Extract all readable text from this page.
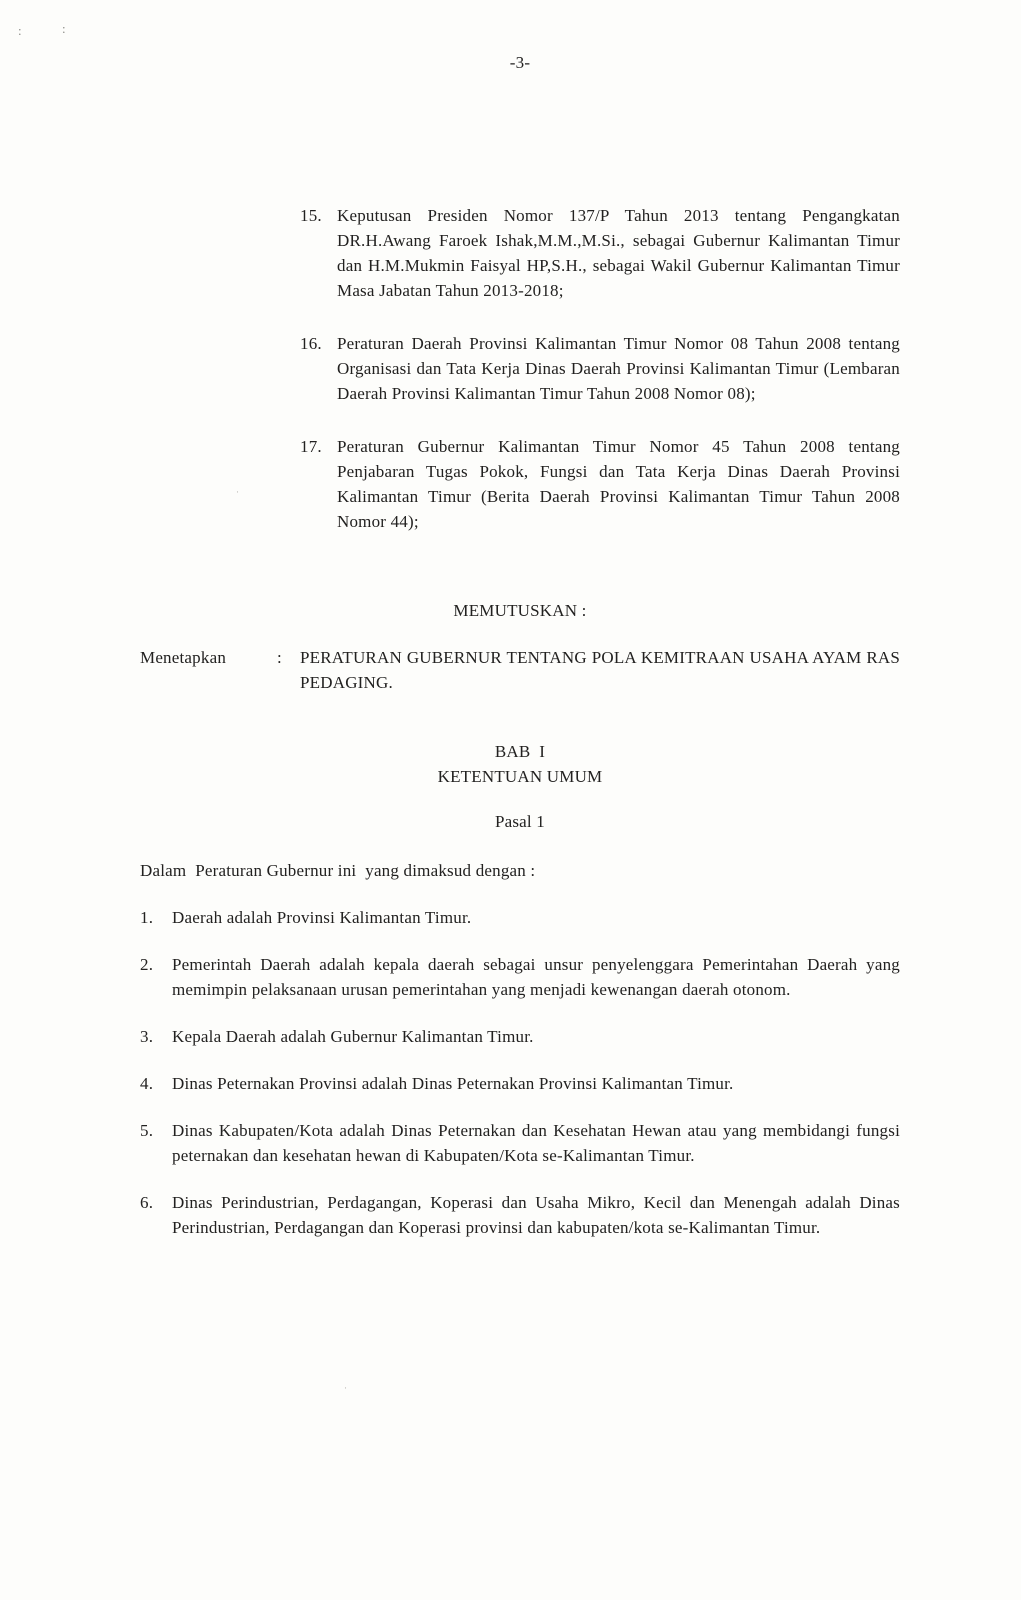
:	:
·
·
-3-
15. Keputusan Presiden Nomor 137/P Tahun 2013 tentang Pengangkatan DR.H.Awang Faroek Ishak,M.M.,M.Si., sebagai Gubernur Kalimantan Timur dan H.M.Mukmin Faisyal HP,S.H., sebagai Wakil Gubernur Kalimantan Timur Masa Jabatan Tahun 2013-2018;
16. Peraturan Daerah Provinsi Kalimantan Timur Nomor 08 Tahun 2008 tentang Organisasi dan Tata Kerja Dinas Daerah Provinsi Kalimantan Timur (Lembaran Daerah Provinsi Kalimantan Timur Tahun 2008 Nomor 08);
17. Peraturan Gubernur Kalimantan Timur Nomor 45 Tahun 2008 tentang Penjabaran Tugas Pokok, Fungsi dan Tata Kerja Dinas Daerah Provinsi Kalimantan Timur (Berita Daerah Provinsi Kalimantan Timur Tahun 2008 Nomor 44);
MEMUTUSKAN :
Menetapkan	:	PERATURAN GUBERNUR TENTANG POLA KEMITRAAN USAHA AYAM RAS PEDAGING.
BAB  I
KETENTUAN UMUM
Pasal 1
Dalam  Peraturan Gubernur ini  yang dimaksud dengan :
1.	Daerah adalah Provinsi Kalimantan Timur.
2.	Pemerintah Daerah adalah kepala daerah sebagai unsur penyelenggara Pemerintahan Daerah yang memimpin pelaksanaan urusan pemerintahan yang menjadi kewenangan daerah otonom.
3.	Kepala Daerah adalah Gubernur Kalimantan Timur.
4.	Dinas Peternakan Provinsi adalah Dinas Peternakan Provinsi Kalimantan Timur.
5.	Dinas Kabupaten/Kota adalah Dinas Peternakan dan Kesehatan Hewan atau yang membidangi fungsi peternakan dan kesehatan hewan di Kabupaten/Kota se-Kalimantan Timur.
6.	Dinas Perindustrian, Perdagangan, Koperasi dan Usaha Mikro, Kecil dan Menengah adalah Dinas Perindustrian, Perdagangan dan Koperasi provinsi dan kabupaten/kota se-Kalimantan Timur.
